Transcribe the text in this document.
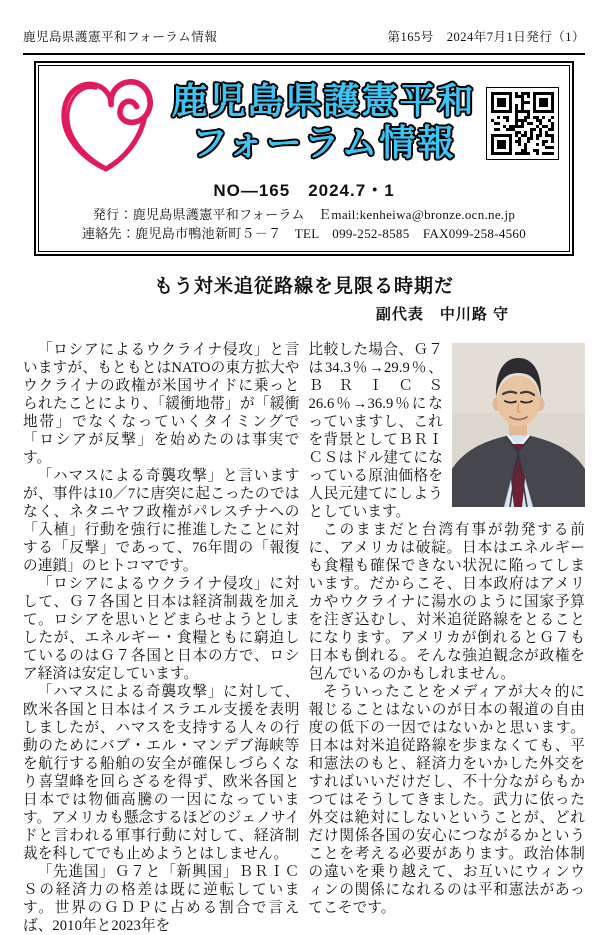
鹿児島県護憲平和フォーラム情報	第165号　2024年7月1日発行（1）
鹿児島県護憲平和
フォーラム情報
NO—165　2024.7・1
発行：鹿児島県護憲平和フォーラム　Ｅmail:kenheiwa@bronze.ocn.ne.jp
連絡先：鹿児島市鴨池新町５－７　TEL　099-252-8585　FAX099-258-4560
もう対米追従路線を見限る時期だ
副代表　中川路 守

「ロシアによるウクライナ侵攻」と言いますが、もともとはNATOの東方拡大やウクライナの政権が米国サイドに乗っとられたことにより、「緩衝地帯」が「緩衝地帯」でなくなっていくタイミングで「ロシアが反撃」を始めたのは事実です。

「ハマスによる奇襲攻撃」と言いますが、事件は10／7に唐突に起こったのではなく、ネタニヤフ政権がパレスチナへの「入植」行動を強行に推進したことに対する「反撃」であって、76年間の「報復の連鎖」のヒトコマです。

「ロシアによるウクライナ侵攻」に対して、Ｇ７各国と日本は経済制裁を加えて。ロシアを思いとどまらせようとしましたが、エネルギー・食糧ともに窮迫しているのはＧ７各国と日本の方で、ロシア経済は安定しています。

「ハマスによる奇襲攻撃」に対して、欧米各国と日本はイスラエル支援を表明しましたが、ハマスを支持する人々の行動のためにバブ・エル・マンデブ海峡等を航行する船舶の安全が確保しづらくなり喜望峰を回らざるを得ず、欧米各国と日本では物価高騰の一因になっています。アメリカも懸念するほどのジェノサイドと言われる軍事行動に対して、経済制裁を科してでも止めようとはしません。

「先進国」Ｇ７と「新興国」ＢＲＩＣＳの経済力の格差は既に逆転しています。世界のＧＤＰに占める割合で言えば、2010年と2023年を

比較した場合、Ｇ７は34.3％→29.9％、ＢＲＩＣＳ26.6％→36.9％になっていますし、これを背景としてＢＲＩＣＳはドル建てになっている原油価格を人民元建てにしようとしています。

このままだと台湾有事が勃発する前に、アメリカは破綻。日本はエネルギーも食糧も確保できない状況に陥ってしまいます。だからこそ、日本政府はアメリカやウクライナに湯水のように国家予算を注ぎ込むし、対米追従路線をとることになります。アメリカが倒れるとＧ７も日本も倒れる。そんな強迫観念が政権を包んでいるのかもしれません。

そういったことをメディアが大々的に報じることはないのが日本の報道の自由度の低下の一因ではないかと思います。日本は対米追従路線を歩まなくても、平和憲法のもと、経済力をいかした外交をすればいいだけだし、不十分ながらもかつてはそうしてきました。武力に依った外交は絶対にしないということが、どれだけ関係各国の安心につながるかということを考える必要があります。政治体制の違いを乗り越えて、お互いにウィンウィンの関係になれるのは平和憲法があってこそです。
